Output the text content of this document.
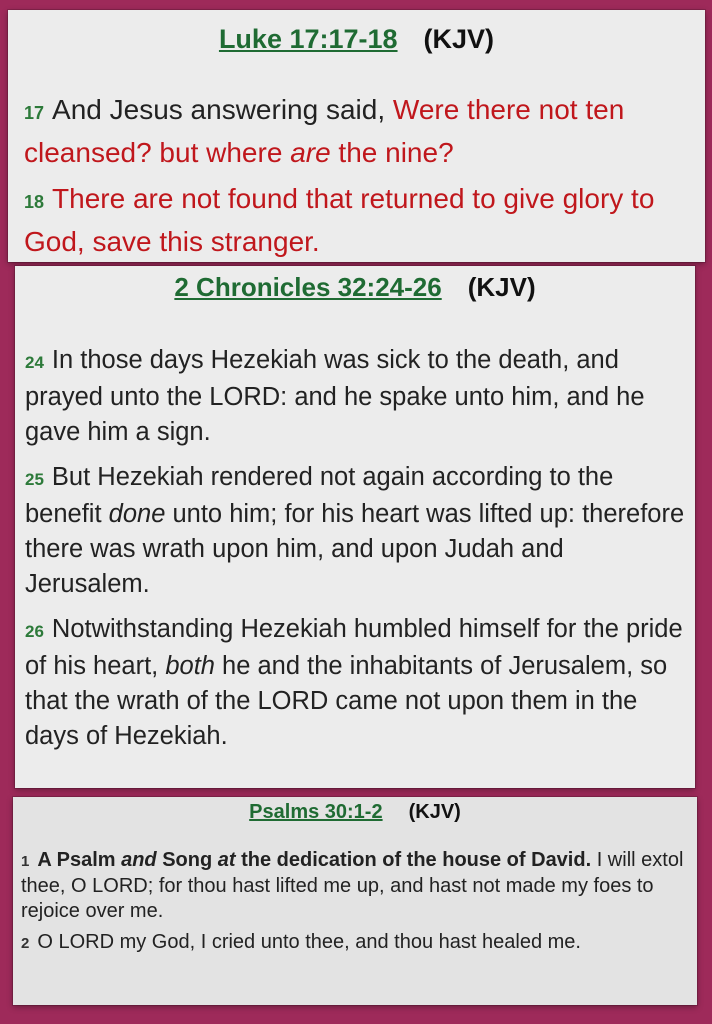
Luke 17:17-18 (KJV)

17 And Jesus answering said, Were there not ten cleansed? but where are the nine?

18 There are not found that returned to give glory to God, save this stranger.

2 Chronicles 32:24-26 (KJV)

24 In those days Hezekiah was sick to the death, and prayed unto the LORD: and he spake unto him, and he gave him a sign.

25 But Hezekiah rendered not again according to the benefit done unto him; for his heart was lifted up: therefore there was wrath upon him, and upon Judah and Jerusalem.

26 Notwithstanding Hezekiah humbled himself for the pride of his heart, both he and the inhabitants of Jerusalem, so that the wrath of the LORD came not upon them in the days of Hezekiah.

Psalms 30:1-2 (KJV)

1 A Psalm and Song at the dedication of the house of David. I will extol thee, O LORD; for thou hast lifted me up, and hast not made my foes to rejoice over me.

2 O LORD my God, I cried unto thee, and thou hast healed me.
